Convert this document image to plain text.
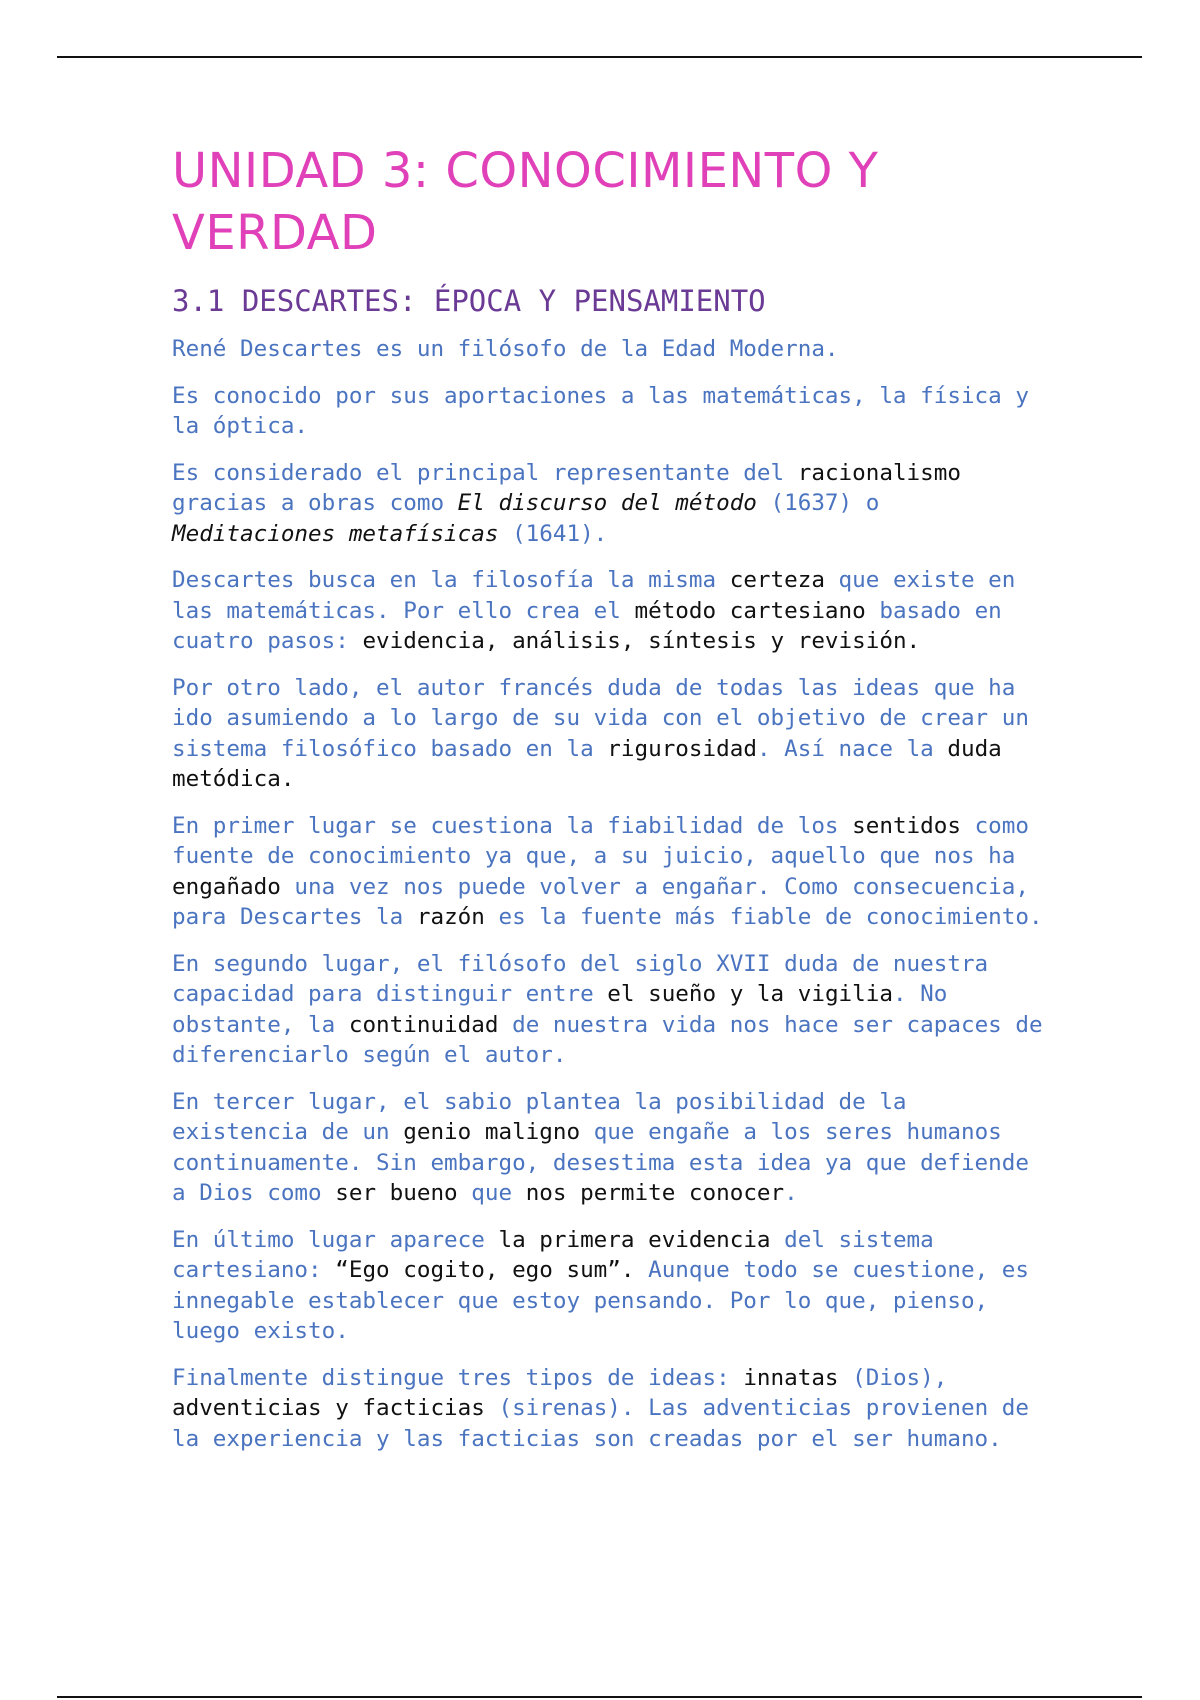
UNIDAD 3: CONOCIMIENTO Y VERDAD
3.1 DESCARTES: ÉPOCA Y PENSAMIENTO

René Descartes es un filósofo de la Edad Moderna.

Es conocido por sus aportaciones a las matemáticas, la física y la óptica.

Es considerado el principal representante del racionalismo gracias a obras como El discurso del método (1637) o Meditaciones metafísicas (1641).

Descartes busca en la filosofía la misma certeza que existe en las matemáticas. Por ello crea el método cartesiano basado en cuatro pasos: evidencia, análisis, síntesis y revisión.

Por otro lado, el autor francés duda de todas las ideas que ha ido asumiendo a lo largo de su vida con el objetivo de crear un sistema filosófico basado en la rigurosidad. Así nace la duda metódica.

En primer lugar se cuestiona la fiabilidad de los sentidos como fuente de conocimiento ya que, a su juicio, aquello que nos ha engañado una vez nos puede volver a engañar. Como consecuencia, para Descartes la razón es la fuente más fiable de conocimiento.

En segundo lugar, el filósofo del siglo XVII duda de nuestra capacidad para distinguir entre el sueño y la vigilia. No obstante, la continuidad de nuestra vida nos hace ser capaces de diferenciarlo según el autor.

En tercer lugar, el sabio plantea la posibilidad de la existencia de un genio maligno que engañe a los seres humanos continuamente. Sin embargo, desestima esta idea ya que defiende a Dios como ser bueno que nos permite conocer.

En último lugar aparece la primera evidencia del sistema cartesiano: “Ego cogito, ego sum”. Aunque todo se cuestione, es innegable establecer que estoy pensando. Por lo que, pienso, luego existo.

Finalmente distingue tres tipos de ideas: innatas (Dios), adventicias y facticias (sirenas). Las adventicias provienen de la experiencia y las facticias son creadas por el ser humano.
